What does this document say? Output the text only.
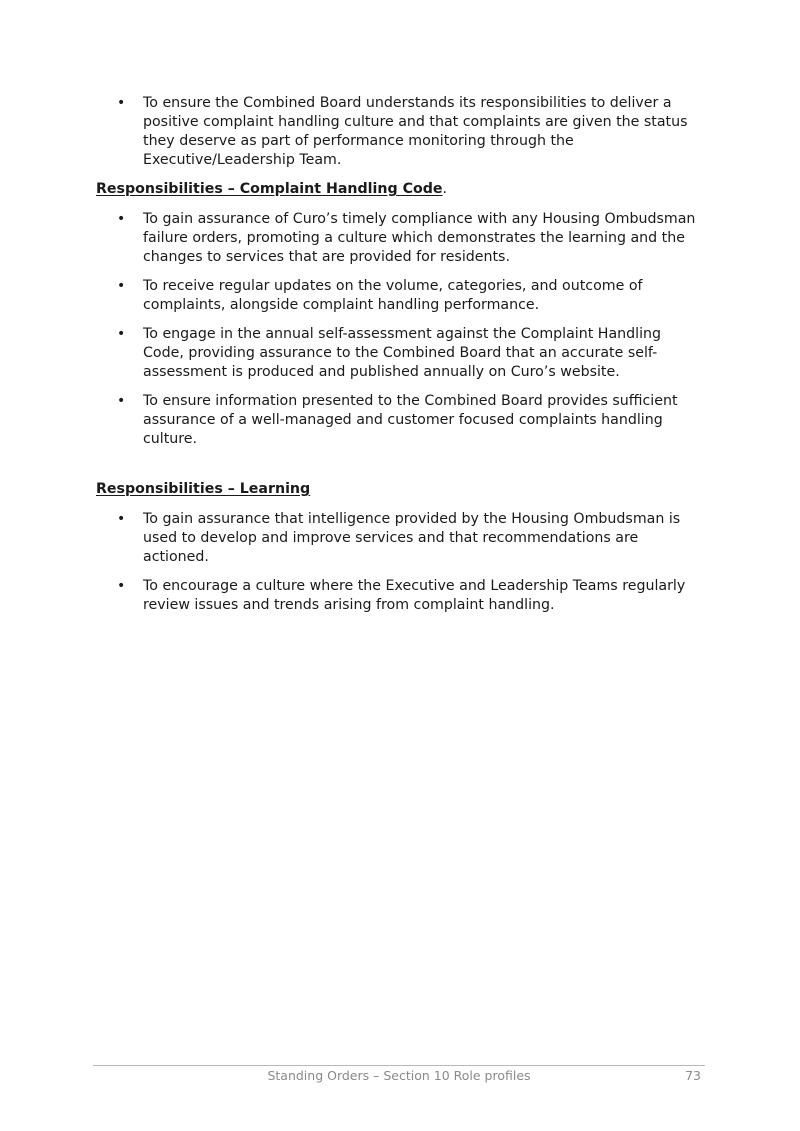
• To ensure the Combined Board understands its responsibilities to deliver a positive complaint handling culture and that complaints are given the status they deserve as part of performance monitoring through the Executive/Leadership Team.
Responsibilities – Complaint Handling Code.
• To gain assurance of Curo’s timely compliance with any Housing Ombudsman failure orders, promoting a culture which demonstrates the learning and the changes to services that are provided for residents.
• To receive regular updates on the volume, categories, and outcome of complaints, alongside complaint handling performance.
• To engage in the annual self-assessment against the Complaint Handling Code, providing assurance to the Combined Board that an accurate self-assessment is produced and published annually on Curo’s website.
• To ensure information presented to the Combined Board provides sufficient assurance of a well-managed and customer focused complaints handling culture.
Responsibilities – Learning
• To gain assurance that intelligence provided by the Housing Ombudsman is used to develop and improve services and that recommendations are actioned.
• To encourage a culture where the Executive and Leadership Teams regularly review issues and trends arising from complaint handling.
Standing Orders – Section 10 Role profiles	73
